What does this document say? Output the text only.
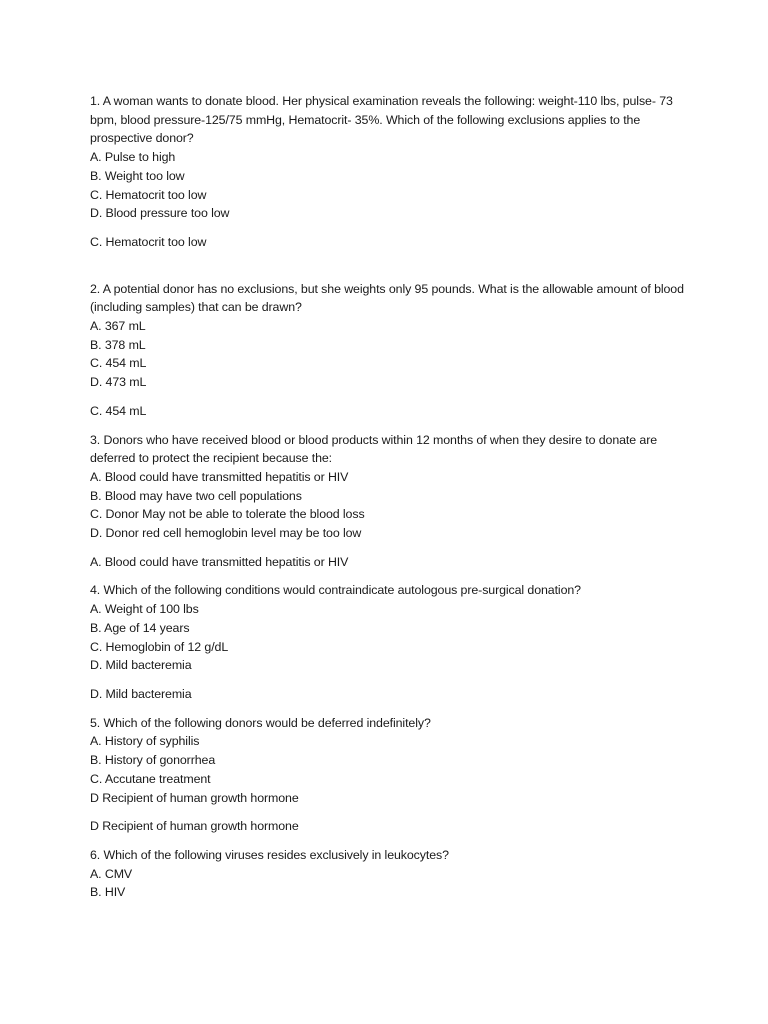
1. A woman wants to donate blood. Her physical examination reveals the following: weight-110 lbs, pulse- 73 bpm, blood pressure-125/75 mmHg, Hematocrit- 35%. Which of the following exclusions applies to the prospective donor?
A. Pulse to high
B. Weight too low
C. Hematocrit too low
D. Blood pressure too low
C. Hematocrit too low
2. A potential donor has no exclusions, but she weights only 95 pounds. What is the allowable amount of blood (including samples) that can be drawn?
A. 367 mL
B. 378 mL
C. 454 mL
D. 473 mL
C. 454 mL
3. Donors who have received blood or blood products within 12 months of when they desire to donate are deferred to protect the recipient because the:
A. Blood could have transmitted hepatitis or HIV
B. Blood may have two cell populations
C. Donor May not be able to tolerate the blood loss
D. Donor red cell hemoglobin level may be too low
A. Blood could have transmitted hepatitis or HIV
4. Which of the following conditions would contraindicate autologous pre-surgical donation?
A. Weight of 100 lbs
B. Age of 14 years
C. Hemoglobin of 12 g/dL
D. Mild bacteremia
D. Mild bacteremia
5. Which of the following donors would be deferred indefinitely?
A. History of syphilis
B. History of gonorrhea
C. Accutane treatment
D Recipient of human growth hormone
D Recipient of human growth hormone
6. Which of the following viruses resides exclusively in leukocytes?
A. CMV
B. HIV
